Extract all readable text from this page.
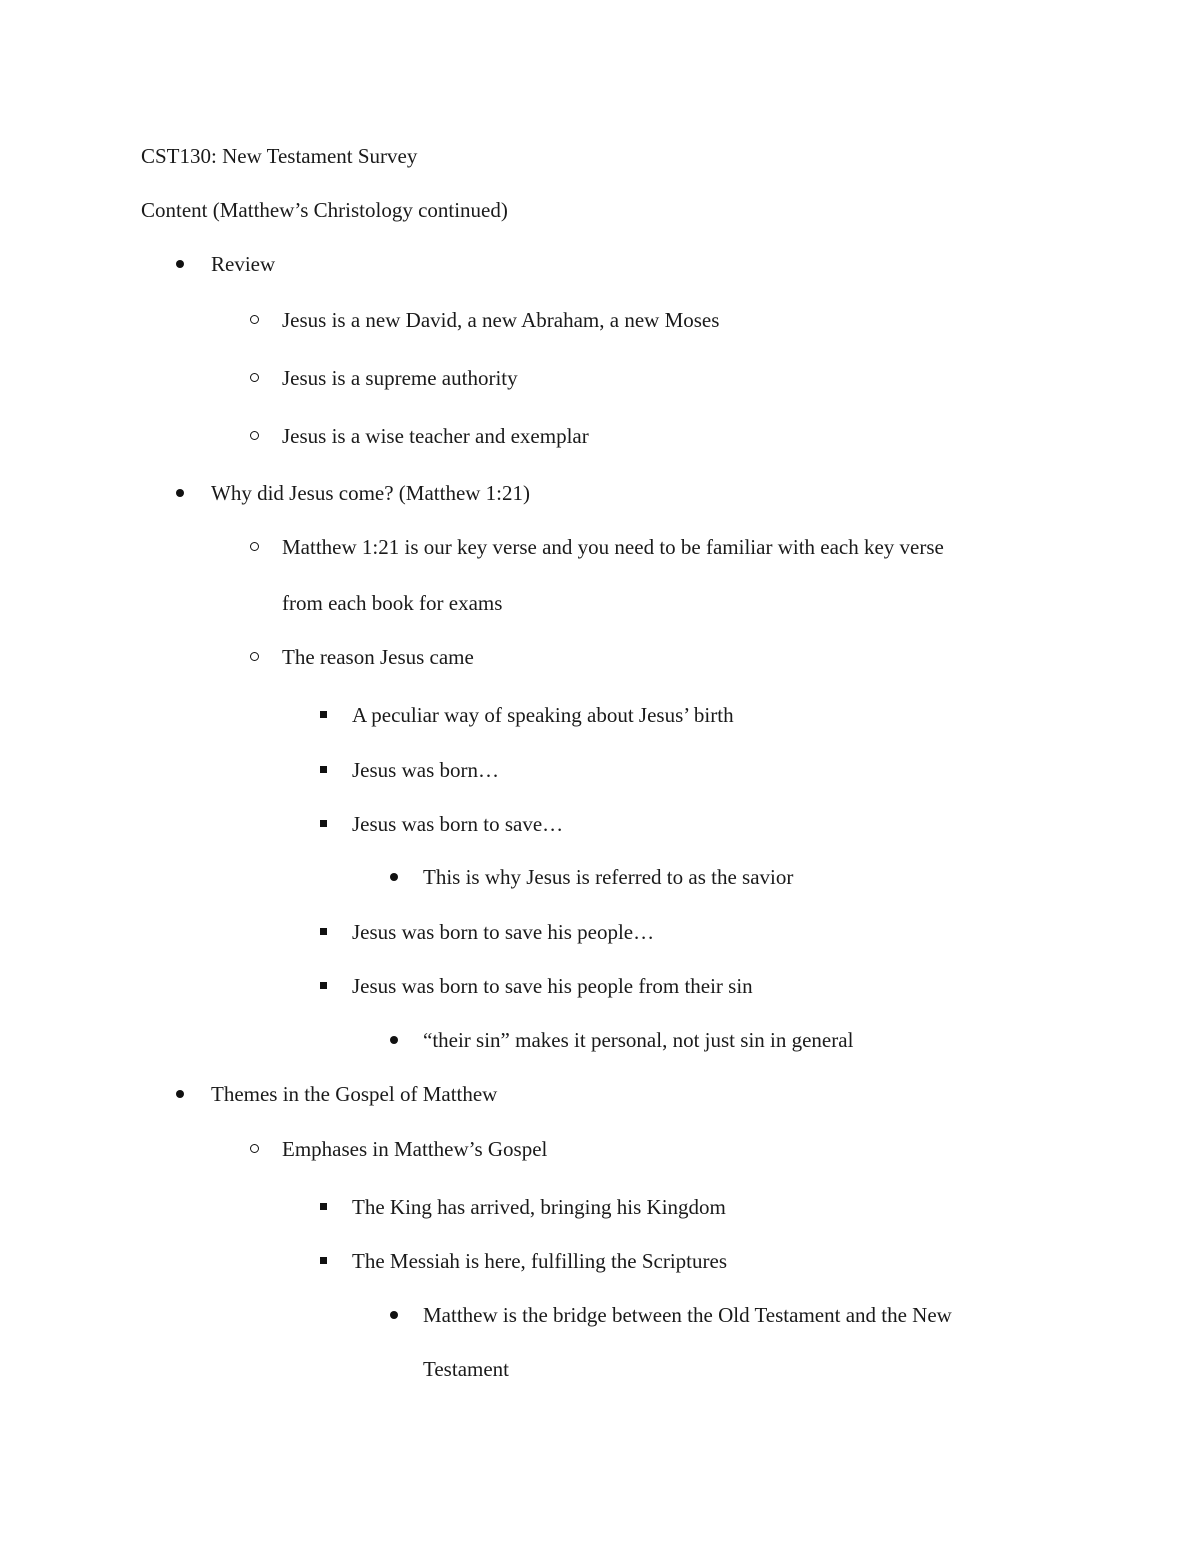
CST130: New Testament Survey
Content (Matthew’s Christology continued)
Review
Jesus is a new David, a new Abraham, a new Moses
Jesus is a supreme authority
Jesus is a wise teacher and exemplar
Why did Jesus come? (Matthew 1:21)
Matthew 1:21 is our key verse and you need to be familiar with each key verse
from each book for exams
The reason Jesus came
A peculiar way of speaking about Jesus’ birth
Jesus was born…
Jesus was born to save…
This is why Jesus is referred to as the savior
Jesus was born to save his people…
Jesus was born to save his people from their sin
“their sin” makes it personal, not just sin in general
Themes in the Gospel of Matthew
Emphases in Matthew’s Gospel
The King has arrived, bringing his Kingdom
The Messiah is here, fulfilling the Scriptures
Matthew is the bridge between the Old Testament and the New
Testament
